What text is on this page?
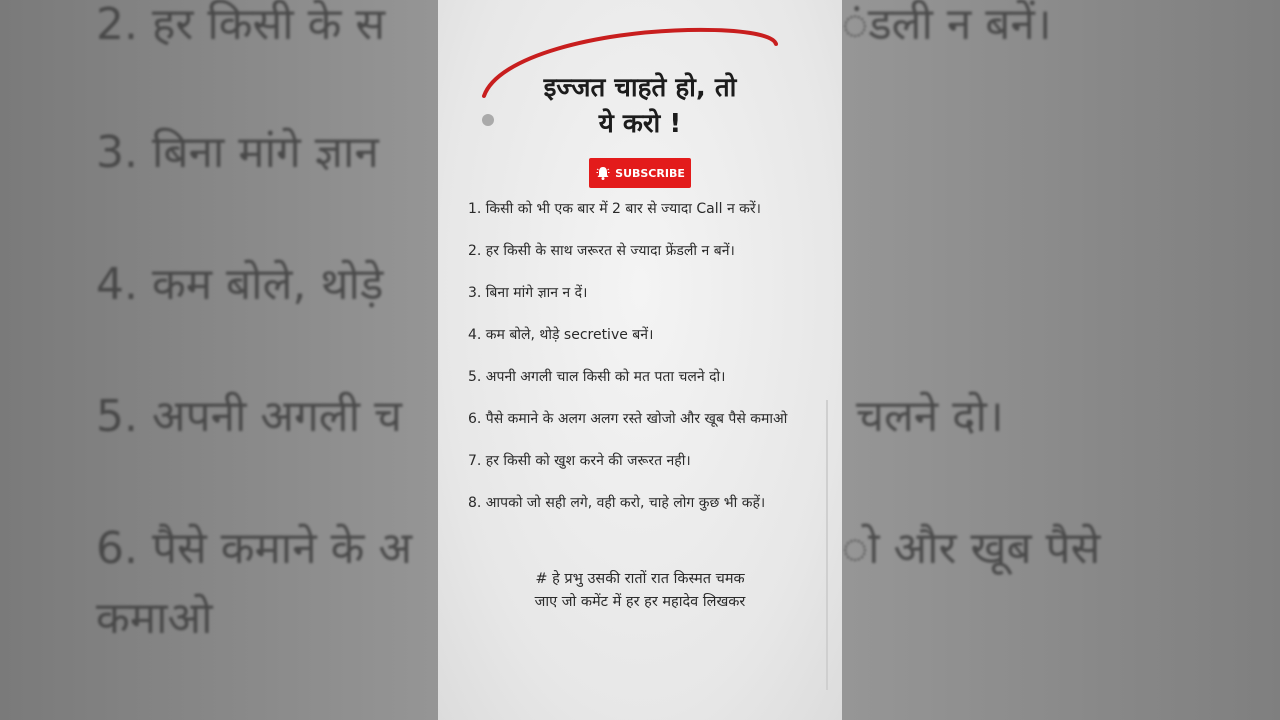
2. हर किसी के स
3. बिना मांगे ज्ञान
4. कम बोले, थोड़े
5. अपनी अगली च
6. पैसे कमाने के अ
कमाओ
ंडली न बनें।
चलने दो।
ो और खूब पैसे
इज्जत चाहते हो, तो
ये करो !
SUBSCRIBE
1. किसी को भी एक बार में 2 बार से ज्यादा Call न करें।
2. हर किसी के साथ जरूरत से ज्यादा फ्रेंडली न बनें।
3. बिना मांगे ज्ञान न दें।
4. कम बोले, थोड़े secretive बनें।
5. अपनी अगली चाल किसी को मत पता चलने दो।
6. पैसे कमाने के अलग अलग रस्ते खोजो और खूब पैसे कमाओ
7. हर किसी को खुश करने की जरूरत नही।
8. आपको जो सही लगे, वही करो, चाहे लोग कुछ भी कहें।
# हे प्रभु उसकी रातों रात किस्मत चमक
जाए जो कमेंट में हर हर महादेव लिखकर
